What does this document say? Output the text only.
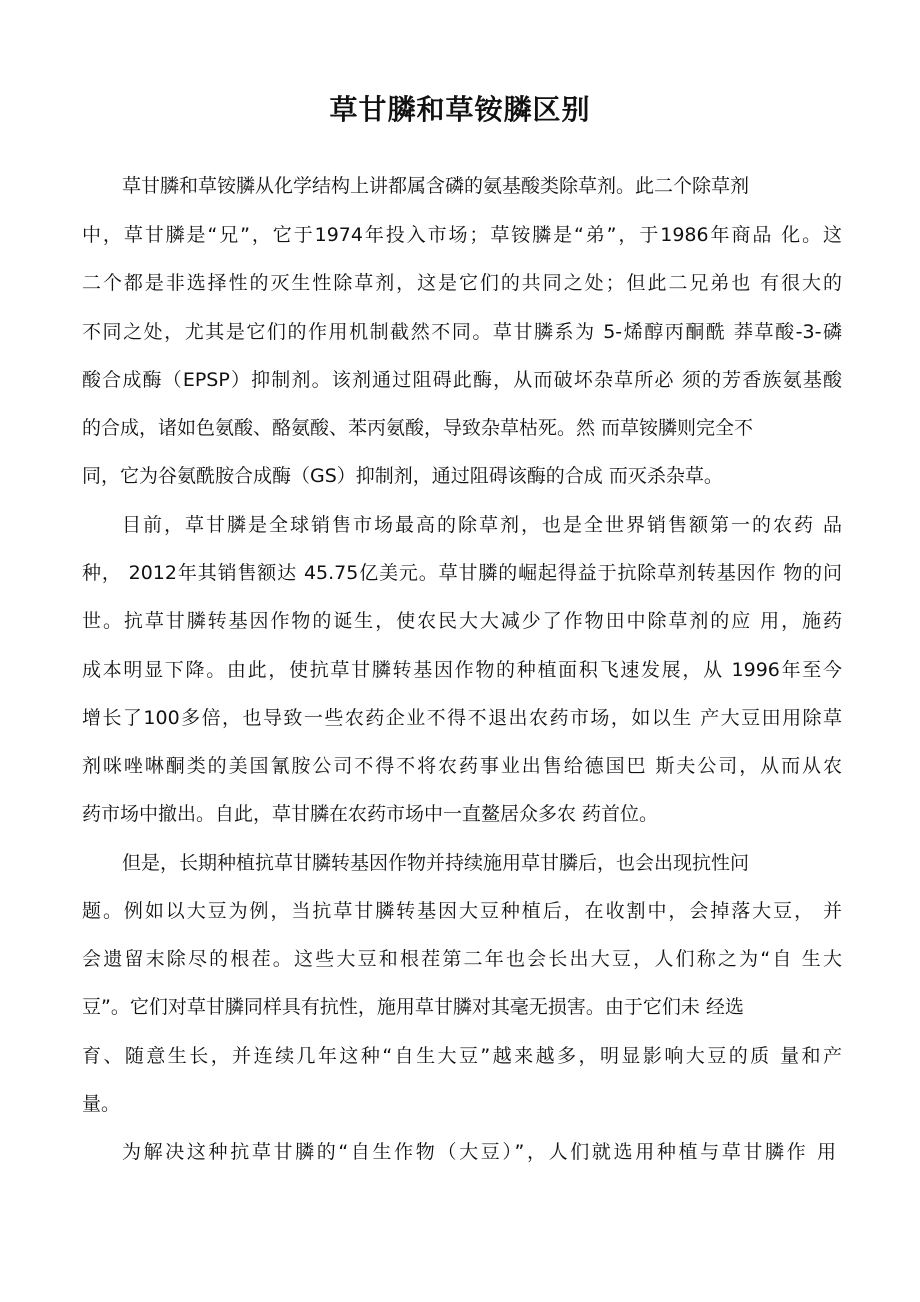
草甘膦和草铵膦区别

草甘膦和草铵膦从化学结构上讲都属含磷的氨基酸类除草剂。此二个除草剂

中，草甘膦是“兄”，它于1974年投入市场；草铵膦是“弟”，于1986年商品 化。这

二个都是非选择性的灭生性除草剂，这是它们的共同之处；但此二兄弟也 有很大的

不同之处，尤其是它们的作用机制截然不同。草甘膦系为 5-烯醇丙酮酰 莽草酸-3-磷

酸合成酶（EPSP）抑制剂。该剂通过阻碍此酶，从而破坏杂草所必 须的芳香族氨基酸

的合成，诸如色氨酸、酪氨酸、苯丙氨酸，导致杂草枯死。然 而草铵膦则完全不

同，它为谷氨酰胺合成酶（GS）抑制剂，通过阻碍该酶的合成 而灭杀杂草。

目前，草甘膦是全球销售市场最高的除草剂，也是全世界销售额第一的农药 品

种， 2012年其销售额达 45.75亿美元。草甘膦的崛起得益于抗除草剂转基因作 物的问

世。抗草甘膦转基因作物的诞生，使农民大大减少了作物田中除草剂的应 用，施药

成本明显下降。由此，使抗草甘膦转基因作物的种植面积飞速发展，从 1996年至今

增长了100多倍，也导致一些农药企业不得不退出农药市场，如以生 产大豆田用除草

剂咪唑啉酮类的美国氰胺公司不得不将农药事业出售给德国巴 斯夫公司，从而从农

药市场中撤出。自此，草甘膦在农药市场中一直鳌居众多农 药首位。

但是，长期种植抗草甘膦转基因作物并持续施用草甘膦后，也会出现抗性问

题。例如以大豆为例，当抗草甘膦转基因大豆种植后，在收割中，会掉落大豆， 并

会遗留末除尽的根茬。这些大豆和根茬第二年也会长出大豆，人们称之为“自 生大

豆”。它们对草甘膦同样具有抗性，施用草甘膦对其毫无损害。由于它们未 经选

育、随意生长，并连续几年这种“自生大豆”越来越多，明显影响大豆的质 量和产

量。

为解决这种抗草甘膦的“自生作物（大豆）”，人们就选用种植与草甘膦作 用
